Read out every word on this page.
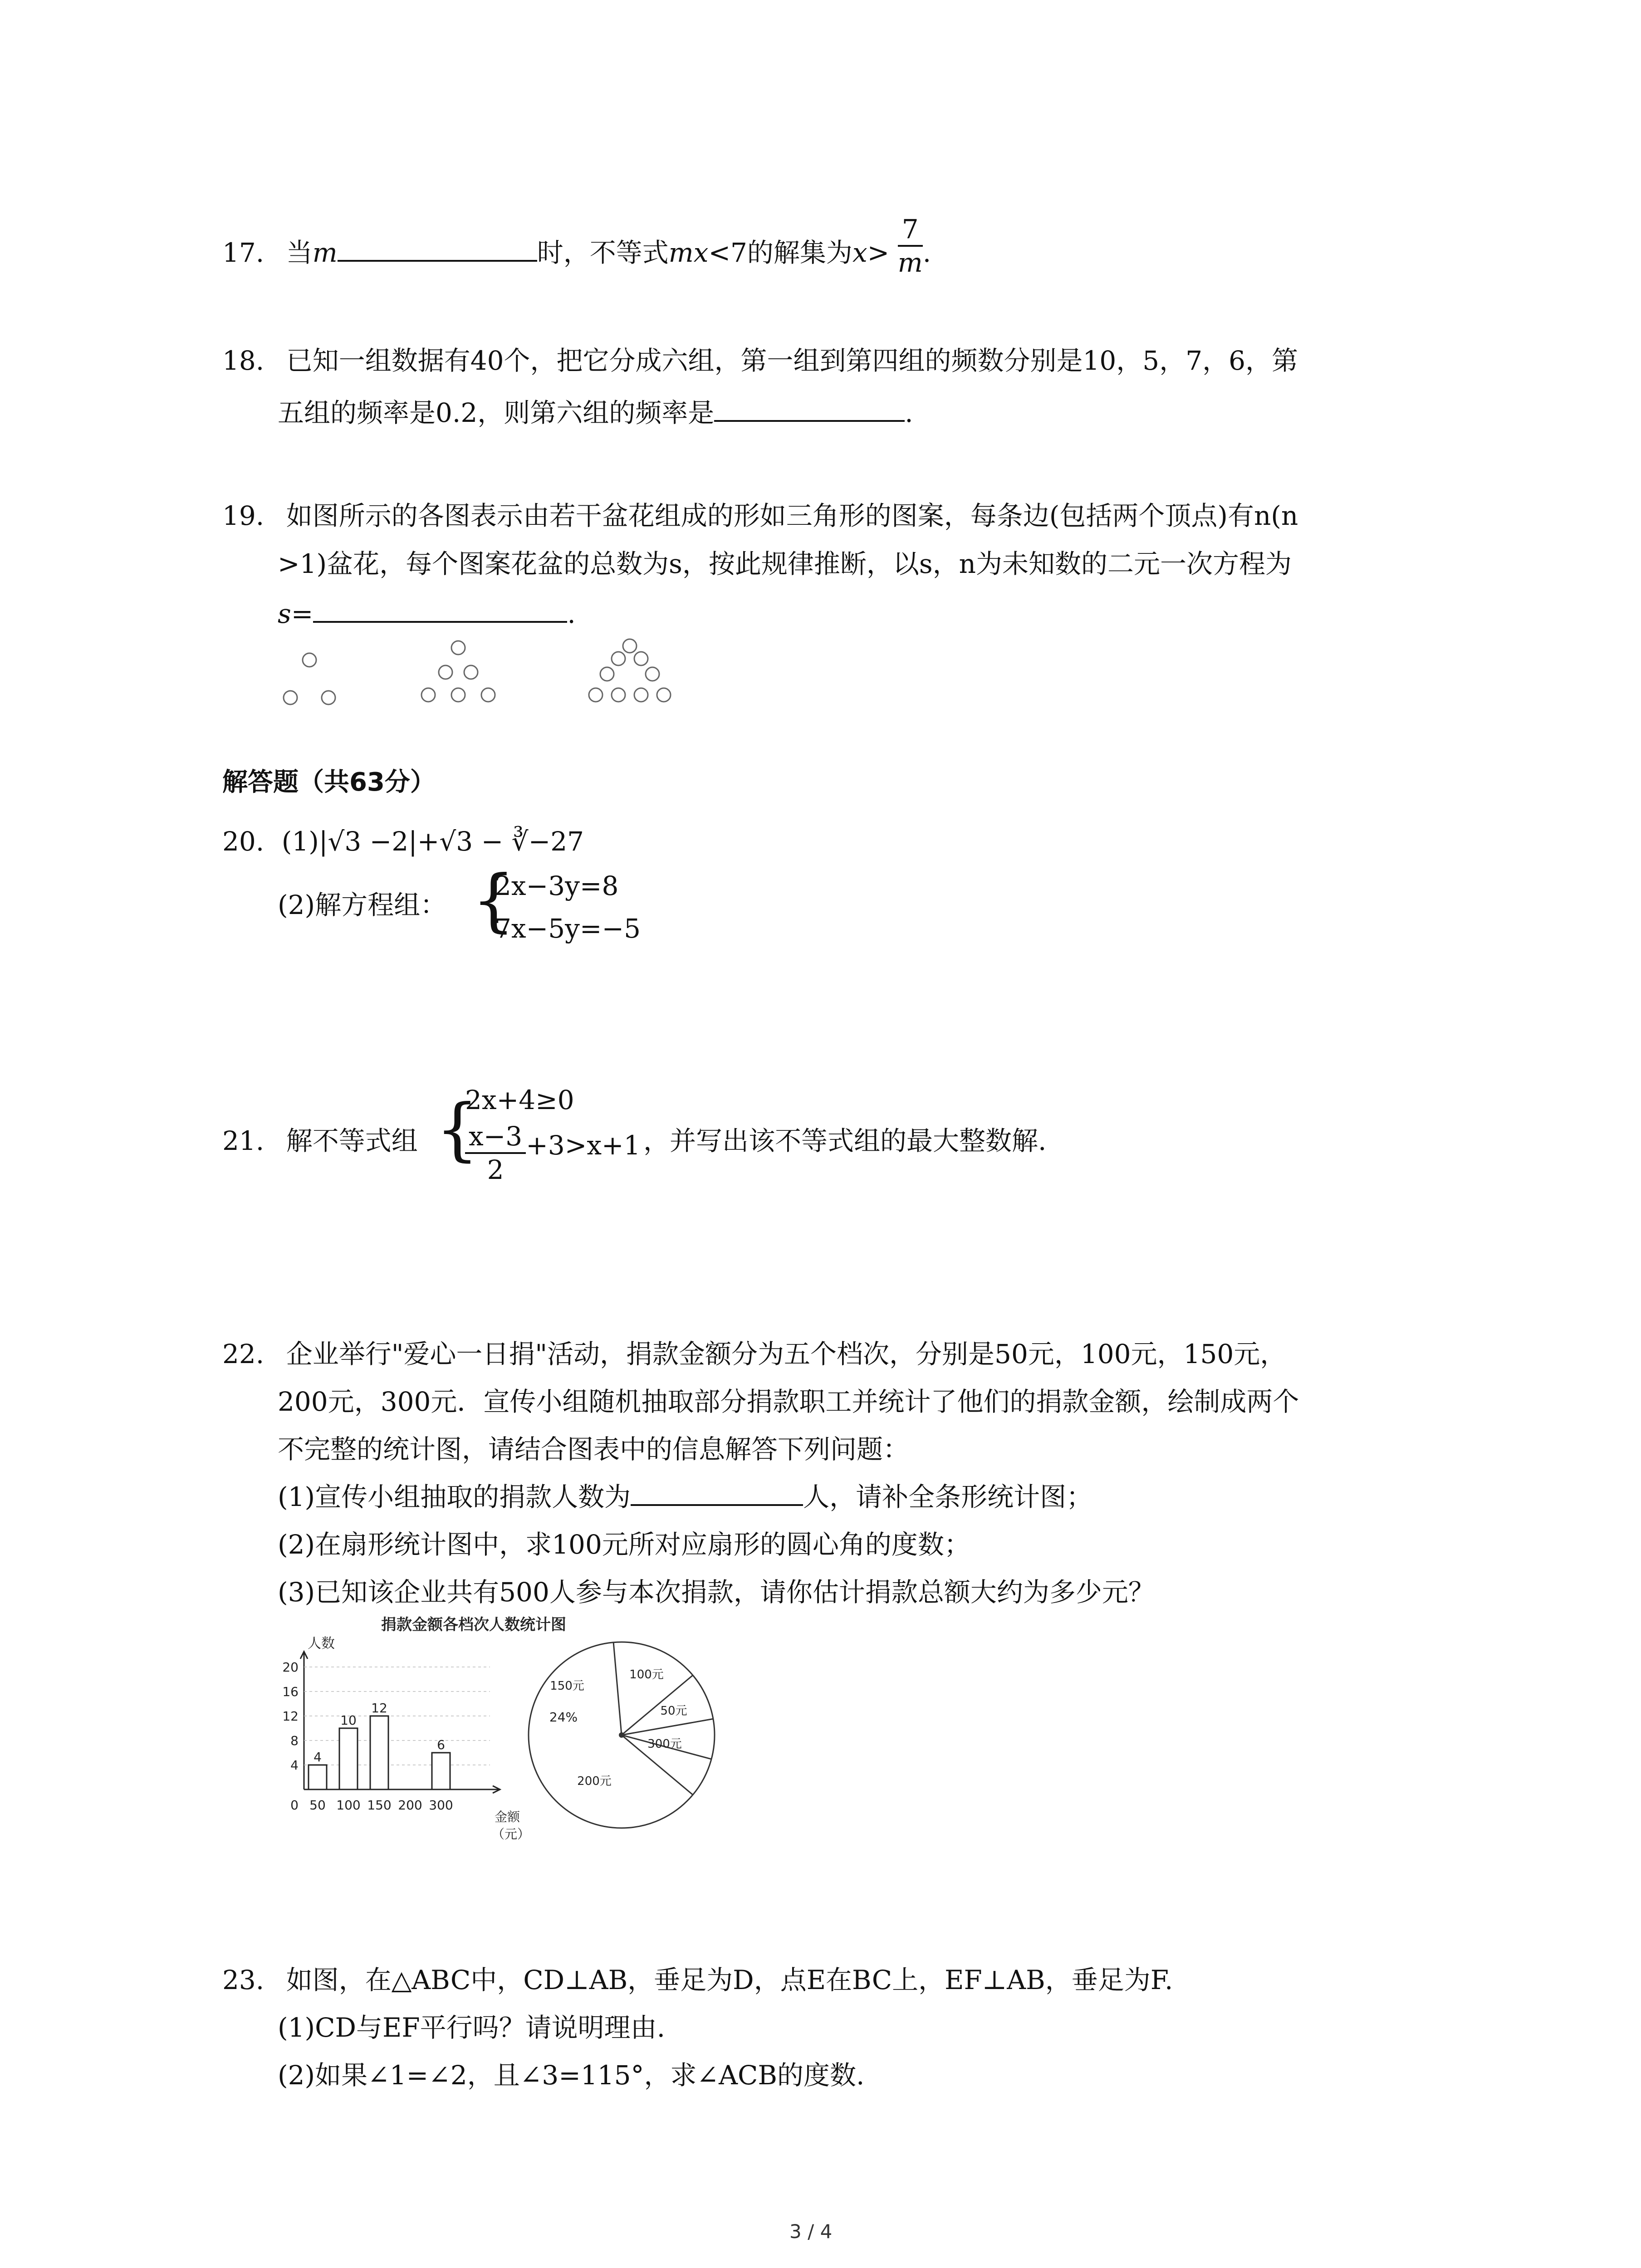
17. 当m	时，不等式mx<7的解集为$x> \frac{7}{m}$ .
18. 已知一组数据有40个，把它分成六组，第一组到第四组的频数分别是10，5，7，6，第
五组的频率是0.2，则第六组的频率是	.
19. 如图所示的各图表示由若干盆花组成的形如三角形的图案，每条边(包括两个顶点)有n(n
>1)盆花，每个图案花盆的总数为s，按此规律推断，以s，n为未知数的二元一次方程为
s=	.
解答题（共63分）
20. (1)|√3 −2|+√3 − ∛−27
(2)解方程组： {
2x−3y=8
7x−5y=−5
21. 解不等式组 {
2x+4≥0
$\frac{x-3}{2} +3>x+1$ ，并写出该不等式组的最大整数解.
22. 企业举行"爱心一日捐"活动，捐款金额分为五个档次，分别是50元，100元，150元，
200元，300元．宣传小组随机抽取部分捐款职工并统计了他们的捐款金额，绘制成两个
不完整的统计图，请结合图表中的信息解答下列问题：
(1)宣传小组抽取的捐款人数为	人，请补全条形统计图；
(2)在扇形统计图中，求100元所对应扇形的圆心角的度数；
(3)已知该企业共有500人参与本次捐款，请你估计捐款总额大约为多少元？
捐款金额各档次人数统计图
人数
金额
（元）
4
8
12
16
20
0 50
4
100
10
150
12
200 300
6
150元
24%
100元
50元
300元
200元
23. 如图，在△ABC中，CD⊥AB，垂足为D，点E在BC上，EF⊥AB，垂足为F.
(1)CD与EF平行吗？请说明理由.
(2)如果∠1=∠2，且∠3=115°，求∠ACB的度数.
3 / 4
